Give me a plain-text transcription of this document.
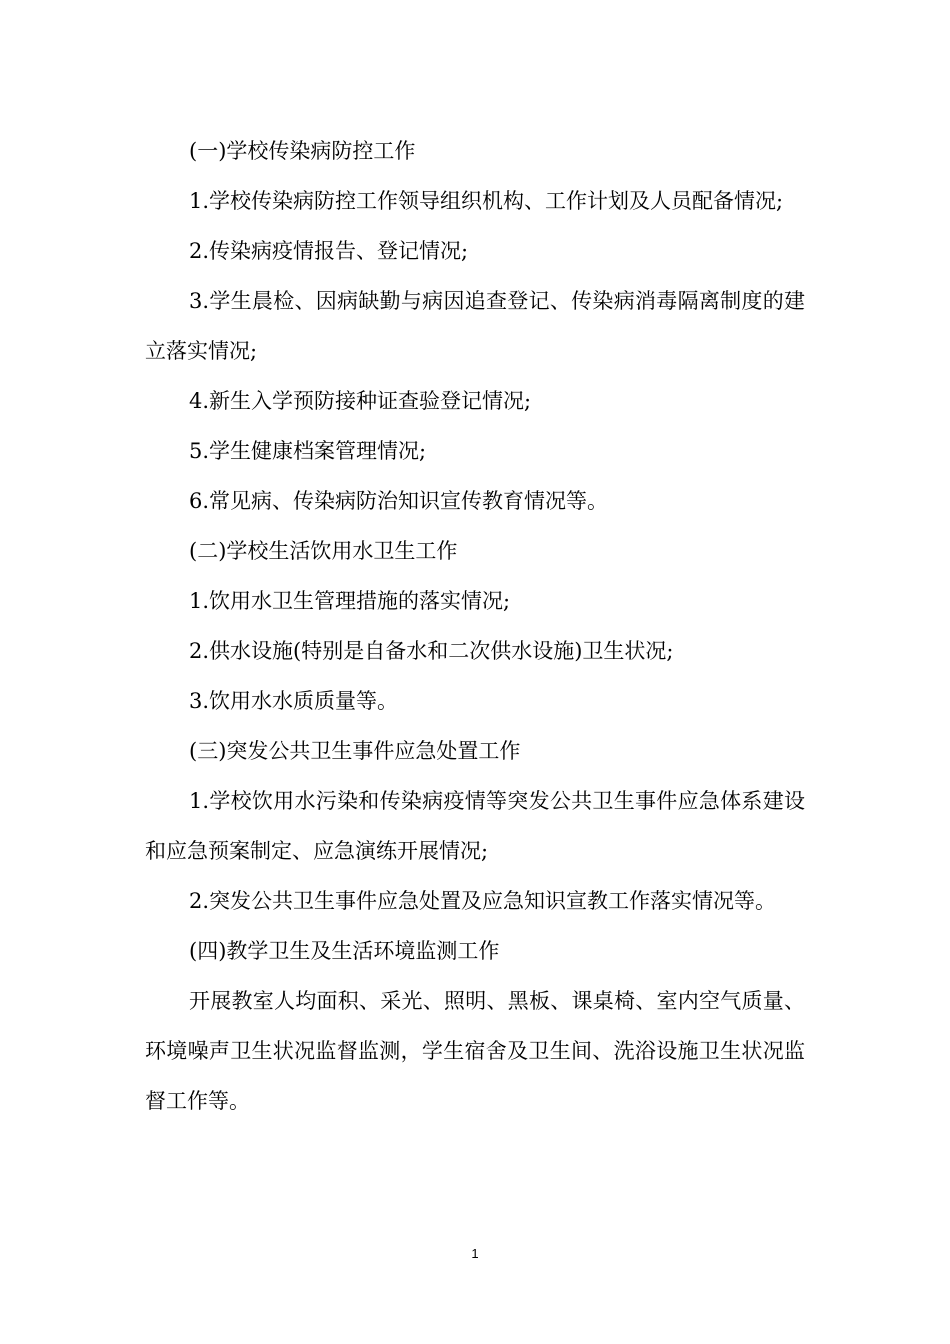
(一)学校传染病防控工作

1.学校传染病防控工作领导组织机构、工作计划及人员配备情况;

2.传染病疫情报告、登记情况;

3.学生晨检、因病缺勤与病因追查登记、传染病消毒隔离制度的建立落实情况;

4.新生入学预防接种证查验登记情况;

5.学生健康档案管理情况;

6.常见病、传染病防治知识宣传教育情况等。

(二)学校生活饮用水卫生工作

1.饮用水卫生管理措施的落实情况;

2.供水设施(特别是自备水和二次供水设施)卫生状况;

3.饮用水水质质量等。

(三)突发公共卫生事件应急处置工作

1.学校饮用水污染和传染病疫情等突发公共卫生事件应急体系建设和应急预案制定、应急演练开展情况;

2.突发公共卫生事件应急处置及应急知识宣教工作落实情况等。

(四)教学卫生及生活环境监测工作

开展教室人均面积、采光、照明、黑板、课桌椅、室内空气质量、环境噪声卫生状况监督监测，学生宿舍及卫生间、洗浴设施卫生状况监督工作等。

1
